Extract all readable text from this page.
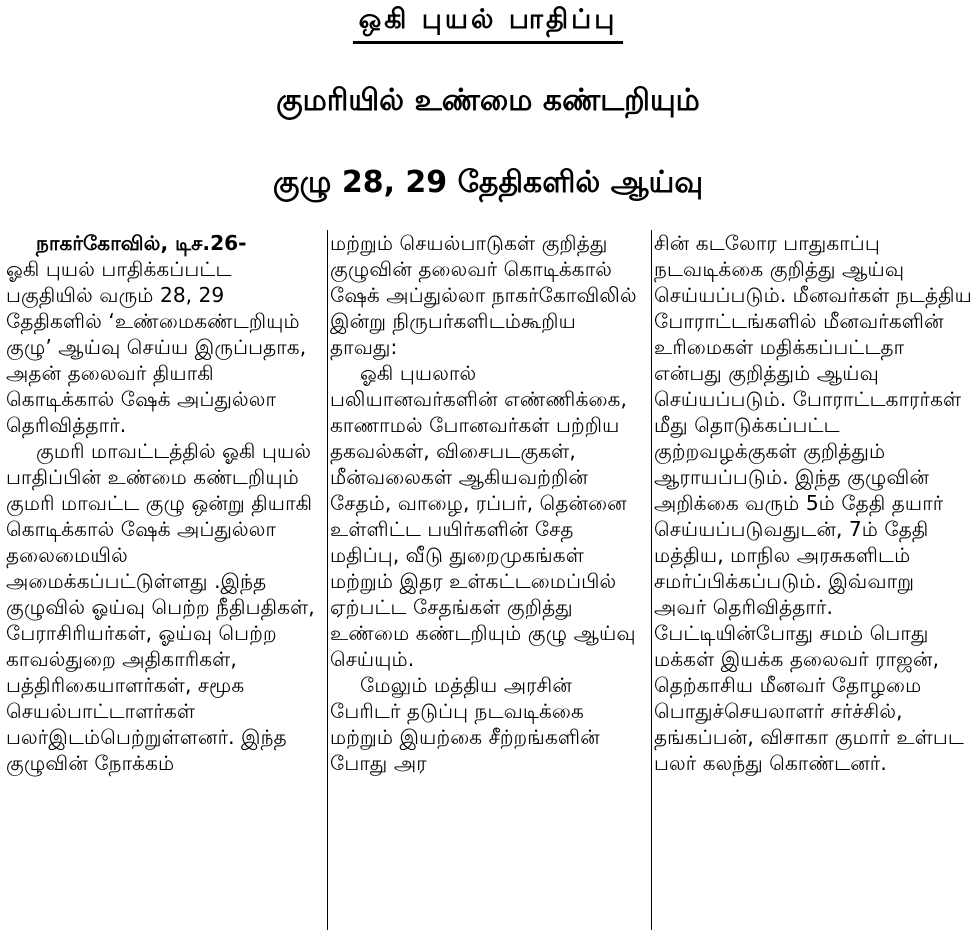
ஒகி புயல் பாதிப்பு
குமரியில் உண்மை கண்டறியும்
குழு 28, 29 தேதிகளில் ஆய்வு

நாகர்கோவில், டிச.26-

ஓகி புயல் பாதிக்கப்பட்ட பகுதியில் வரும் 28, 29 தேதிகளில் ‘உண்மைகண்டறியும் குழு’ ஆய்வு செய்ய இருப்பதாக, அதன் தலைவர் தியாகி கொடிக்கால் ஷேக் அப்துல்லா தெரிவித்தார்.

குமரி மாவட்டத்தில் ஓகி புயல் பாதிப்பின் உண்மை கண்டறியும் குமரி மாவட்ட குழு ஒன்று தியாகி கொடிக்கால் ஷேக் அப்துல்லா தலைமையில் அமைக்கப்பட்டுள்ளது .இந்த குழுவில் ஓய்வு பெற்ற நீதிபதிகள், பேராசிரியர்கள், ஓய்வு பெற்ற காவல்துறை அதிகாரிகள், பத்திரிகையாளர்கள், சமூக செயல்பாட்டாளர்கள் பலர்இடம்பெற்றுள்ளனர். இந்த குழுவின் நோக்கம்

மற்றும் செயல்பாடுகள் குறித்து குழுவின் தலைவர் கொடிக்கால் ஷேக் அப்துல்லா நாகர்கோவிலில் இன்று நிருபர்களிடம்கூறிய தாவது:

ஓகி புயலால் பலியானவர்களின் எண்ணிக்கை, காணாமல் போனவர்கள் பற்றிய தகவல்கள், விசைபடகுகள், மீன்வலைகள் ஆகியவற்றின் சேதம், வாழை, ரப்பர், தென்னை உள்ளிட்ட பயிர்களின் சேத மதிப்பு, வீடு துறைமுகங்கள் மற்றும் இதர உள்கட்டமைப்பில் ஏற்பட்ட சேதங்கள் குறித்து உண்மை கண்டறியும் குழு ஆய்வு செய்யும்.

மேலும் மத்திய அரசின் பேரிடர் தடுப்பு நடவடிக்கை மற்றும் இயற்கை சீற்றங்களின் போது அர

சின் கடலோர பாதுகாப்பு நடவடிக்கை குறித்து ஆய்வு செய்யப்படும். மீனவர்கள் நடத்திய போராட்டங்களில் மீனவர்களின் உரிமைகள் மதிக்கப்பட்டதா என்பது குறித்தும் ஆய்வு செய்யப்படும். போராட்டகாரர்கள் மீது தொடுக்கப்பட்ட குற்றவழக்குகள் குறித்தும் ஆராயப்படும். இந்த குழுவின் அறிக்கை வரும் 5ம் தேதி தயார் செய்யப்படுவதுடன், 7ம் தேதி மத்திய, மாநில அரசுகளிடம் சமர்ப்பிக்கப்படும். இவ்வாறு அவர் தெரிவித்தார். பேட்டியின்போது சமம் பொது மக்கள் இயக்க தலைவர் ராஜன், தெற்காசிய மீனவர் தோழமை பொதுச்செயலாளர் சர்ச்சில், தங்கப்பன், விசாகா குமார் உள்பட பலர் கலந்து கொண்டனர்.
